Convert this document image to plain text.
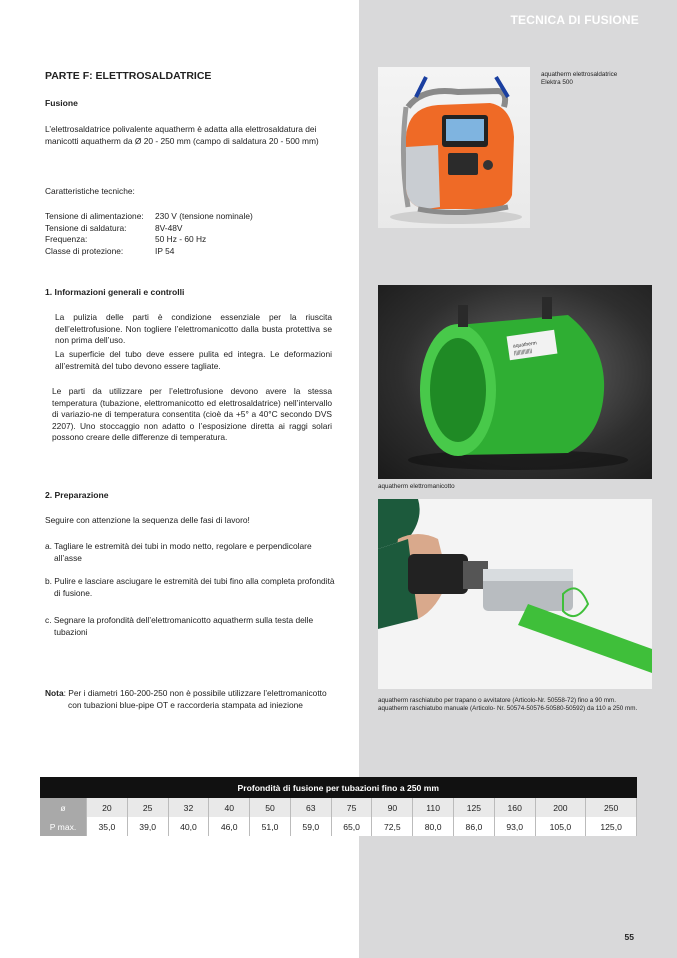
TECNICA DI FUSIONE
PARTE F: ELETTROSALDATRICE
Fusione

L’elettrosaldatrice polivalente aquatherm è adatta alla elettrosaldatura dei manicotti aquatherm da Ø 20 - 250 mm (campo di saldatura 20 - 500 mm)

Caratteristiche tecniche:

Tensione di alimentazione:	230 V (tensione nominale)
Tensione di saldatura:	8V-48V
Frequenza:	50 Hz - 60 Hz
Classe di protezione:	IP 54
1. Informazioni generali e controlli

La pulizia delle parti è condizione essenziale per la riuscita dell’elettrofusione. Non togliere l’elettromanicotto dalla busta protettiva se non prima dell’uso.

La superficie del tubo deve essere pulita ed integra. Le deformazioni all’estremità del tubo devono essere tagliate.

Le parti da utilizzare per l’elettrofusione devono avere la stessa temperatura (tubazione, elettromanicotto ed elettrosaldatrice) nell’intervallo di variazio-ne di temperatura consentita (cioè da +5° a 40°C secondo DVS 2207). Uno stoccaggio non adatto o l’esposizione diretta ai raggi solari possono creare delle differenze di temperatura.

2. Preparazione

Seguire con attenzione la sequenza delle fasi di lavoro!

a. Tagliare le estremità dei tubi in modo netto, regolare e perpendicolare
all’asse
b. Pulire e lasciare asciugare le estremità dei tubi fino alla completa profondità
di fusione.
c. Segnare la profondità dell’elettromanicotto aquatherm sulla testa delle
tubazioni
Nota: Per i diametri 160-200-250 non è possibile utilizzare l’elettromanicotto
con tubazioni blue-pipe OT e raccorderia stampata ad iniezione
aquatherm elettrosaldatrice
Elektra 500
aquatherm
||||||||||||||
aquatherm elettromanicotto
aquatherm raschiatubo per trapano o avvitatore (Articolo-Nr. 50558-72) fino a 90 mm.
aquatherm raschiatubo manuale (Articolo- Nr. 50574-50576-50580-50592) da 110 a 250 mm.
Profondità di fusione per tubazioni fino a 250 mm													
ø	20	25	32	40	50	63	75	90	110	125	160	200	250
P max.	35,0	39,0	40,0	46,0	51,0	59,0	65,0	72,5	80,0	86,0	93,0	105,0	125,0
55
